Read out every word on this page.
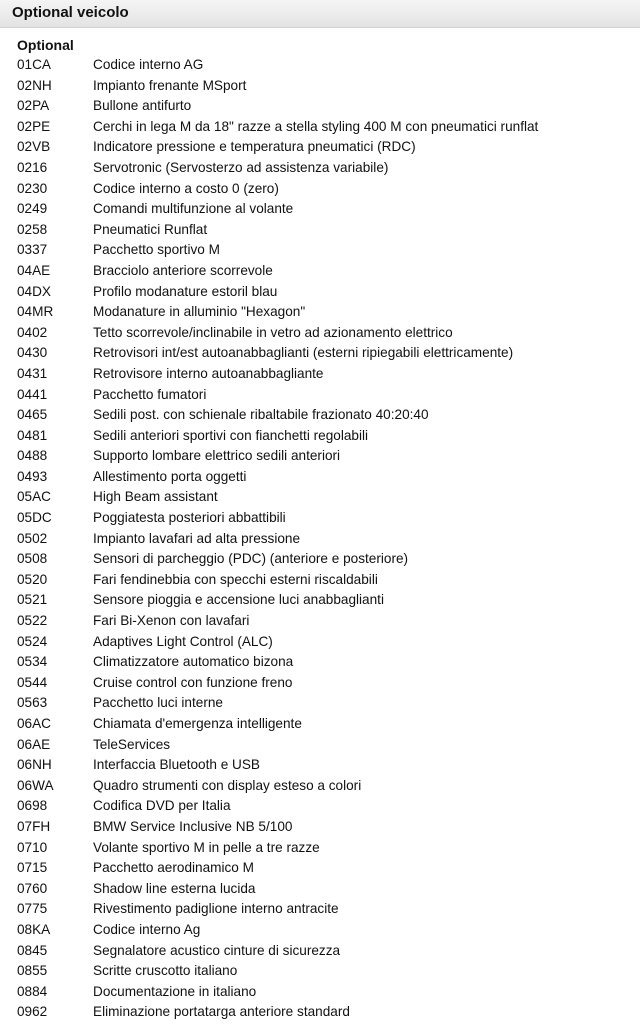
Optional veicolo
Optional
01CA	Codice interno AG
02NH	Impianto frenante MSport
02PA	Bullone antifurto
02PE	Cerchi in lega M da 18" razze a stella styling 400 M con pneumatici runflat
02VB	Indicatore pressione e temperatura pneumatici (RDC)
0216	Servotronic (Servosterzo ad assistenza variabile)
0230	Codice interno a costo 0 (zero)
0249	Comandi multifunzione al volante
0258	Pneumatici Runflat
0337	Pacchetto sportivo M
04AE	Bracciolo anteriore scorrevole
04DX	Profilo modanature estoril blau
04MR	Modanature in alluminio "Hexagon"
0402	Tetto scorrevole/inclinabile in vetro ad azionamento elettrico
0430	Retrovisori int/est autoanabbaglianti (esterni ripiegabili elettricamente)
0431	Retrovisore interno autoanabbagliante
0441	Pacchetto fumatori
0465	Sedili post. con schienale ribaltabile frazionato 40:20:40
0481	Sedili anteriori sportivi con fianchetti regolabili
0488	Supporto lombare elettrico sedili anteriori
0493	Allestimento porta oggetti
05AC	High Beam assistant
05DC	Poggiatesta posteriori abbattibili
0502	Impianto lavafari ad alta pressione
0508	Sensori di parcheggio (PDC) (anteriore e posteriore)
0520	Fari fendinebbia con specchi esterni riscaldabili
0521	Sensore pioggia e accensione luci anabbaglianti
0522	Fari Bi-Xenon con lavafari
0524	Adaptives Light Control (ALC)
0534	Climatizzatore automatico bizona
0544	Cruise control con funzione freno
0563	Pacchetto luci interne
06AC	Chiamata d'emergenza intelligente
06AE	TeleServices
06NH	Interfaccia Bluetooth e USB
06WA	Quadro strumenti con display esteso a colori
0698	Codifica DVD per Italia
07FH	BMW Service Inclusive NB 5/100
0710	Volante sportivo M in pelle a tre razze
0715	Pacchetto aerodinamico M
0760	Shadow line esterna lucida
0775	Rivestimento padiglione interno antracite
08KA	Codice interno Ag
0845	Segnalatore acustico cinture di sicurezza
0855	Scritte cruscotto italiano
0884	Documentazione in italiano
0962	Eliminazione portatarga anteriore standard
